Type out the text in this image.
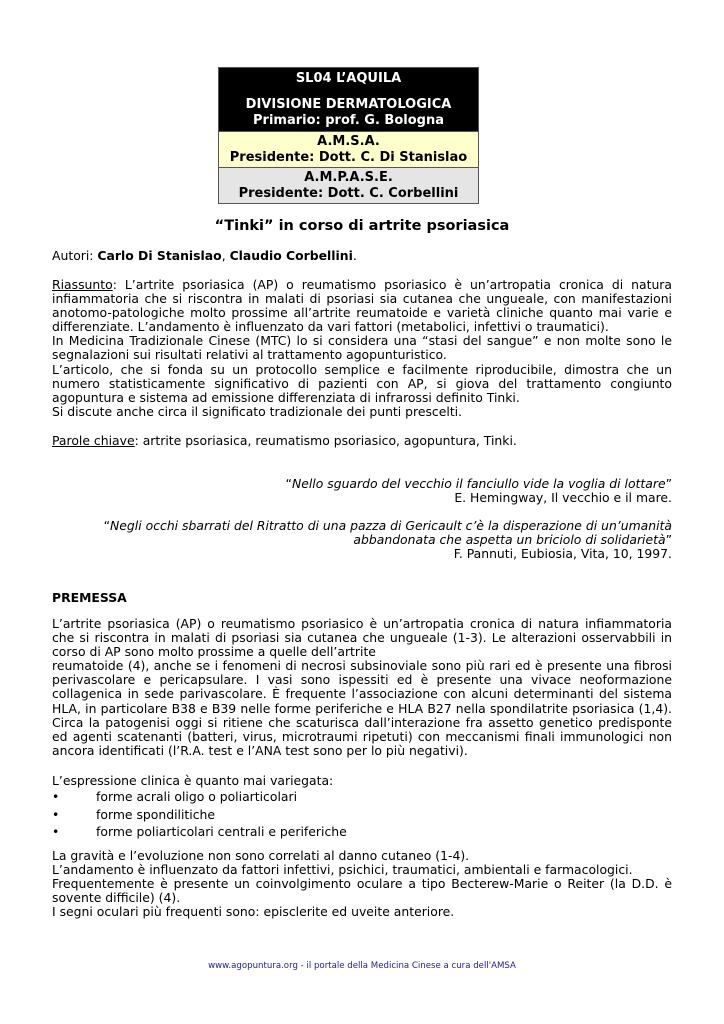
SL04 L’AQUILA
DIVISIONE DERMATOLOGICA
Primario: prof. G. Bologna
A.M.S.A.
Presidente: Dott. C. Di Stanislao
A.M.P.A.S.E.
Presidente: Dott. C. Corbellini
“Tinki” in corso di artrite psoriasica

Autori: Carlo Di Stanislao, Claudio Corbellini.

Riassunto: L’artrite psoriasica (AP) o reumatismo psoriasico è un’artropatia cronica di natura infiammatoria che si riscontra in malati di psoriasi sia cutanea che ungueale, con manifestazioni anotomo-patologiche molto prossime all’artrite reumatoide e varietà cliniche quanto mai varie e differenziate. L’andamento è influenzato da vari fattori (metabolici, infettivi o traumatici).

In Medicina Tradizionale Cinese (MTC) lo si considera una “stasi del sangue” e non molte sono le segnalazioni sui risultati relativi al trattamento agopunturistico.

L’articolo, che si fonda su un protocollo semplice e facilmente riproducibile, dimostra che un numero statisticamente significativo di pazienti con AP, si giova del trattamento congiunto agopuntura e sistema ad emissione differenziata di infrarossi definito Tinki.

Si discute anche circa il significato tradizionale dei punti prescelti.

Parole chiave: artrite psoriasica, reumatismo psoriasico, agopuntura, Tinki.

“Nello sguardo del vecchio il fanciullo vide la voglia di lottare”
E. Hemingway, Il vecchio e il mare.
“Negli occhi sbarrati del Ritratto di una pazza di Gericault c’è la disperazione di un’umanità
abbandonata che aspetta un briciolo di solidarietà”
F. Pannuti, Eubiosia, Vita, 10, 1997.
PREMESSA

L’artrite psoriasica (AP) o reumatismo psoriasico è un’artropatia cronica di natura infiammatoria che si riscontra in malati di psoriasi sia cutanea che ungueale (1-3). Le alterazioni osservabbili in corso di AP sono molto prossime a quelle dell’artrite

reumatoide (4), anche se i fenomeni di necrosi subsinoviale sono più rari ed è presente una fibrosi perivascolare e pericapsulare. I vasi sono ispessiti ed è presente una vivace neoformazione collagenica in sede parivascolare. È frequente l’associazione con alcuni determinanti del sistema HLA, in particolare B38 e B39 nelle forme periferiche e HLA B27 nella spondilatrite psoriasica (1,4). Circa la patogenisi oggi si ritiene che scaturisca dall’interazione fra assetto genetico predisponte ed agenti scatenanti (batteri, virus, microtraumi ripetuti) con meccanismi finali immunologici non ancora identificati (l’R.A. test e l’ANA test sono per lo più negativi).

L’espressione clinica è quanto mai variegata:

•	forme acrali oligo o poliarticolari
•	forme spondilitiche
•	forme poliarticolari centrali e periferiche

La gravità e l’evoluzione non sono correlati al danno cutaneo (1-4).

L’andamento è influenzato da fattori infettivi, psichici, traumatici, ambientali e farmacologici.

Frequentemente è presente un coinvolgimento oculare a tipo Becterew-Marie o Reiter (la D.D. è sovente difficile) (4).

I segni oculari più frequenti sono: episclerite ed uveite anteriore.

www.agopuntura.org - il portale della Medicina Cinese a cura dell'AMSA
